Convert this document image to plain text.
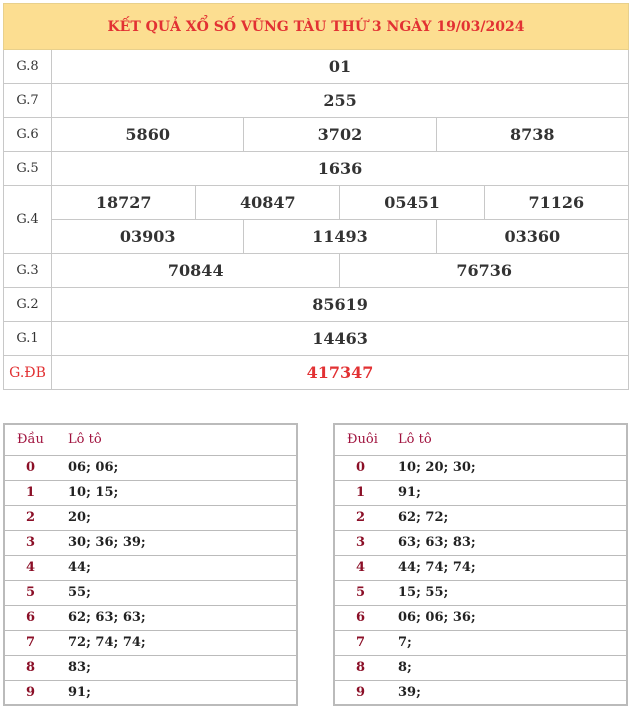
KẾT QUẢ XỔ SỐ VŨNG TÀU THỨ 3 NGÀY 19/03/2024						
G.8	01					
G.7	255					
G.6	5860		3702		8738	
G.5	1636					
G.4	18727	40847		05451		71126
	03903		11493		03360	
G.3	70844			76736		
G.2	85619					
G.1	14463					
G.ĐB	417347					
Đầu	Lô tô
0	06; 06;
1	10; 15;
2	20;
3	30; 36; 39;
4	44;
5	55;
6	62; 63; 63;
7	72; 74; 74;
8	83;
9	91;
Đuôi	Lô tô
0	10; 20; 30;
1	91;
2	62; 72;
3	63; 63; 83;
4	44; 74; 74;
5	15; 55;
6	06; 06; 36;
7	7;
8	8;
9	39;
